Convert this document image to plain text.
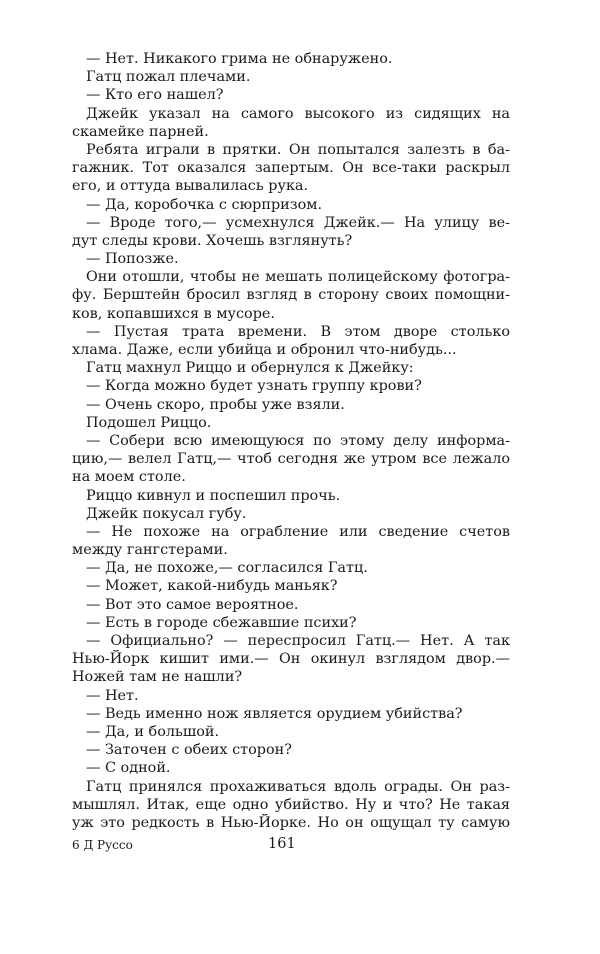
— Нет. Никакого грима не обнаружено.
Гатц пожал плечами.
— Кто его нашел?
Джейк указал на самого высокого из сидящих на
скамейке парней.
Ребята играли в прятки. Он попытался залезть в ба-
гажник. Тот оказался запертым. Он все-таки раскрыл
его, и оттуда вывалилась рука.
— Да, коробочка с сюрпризом.
— Вроде того,— усмехнулся Джейк.— На улицу ве-
дут следы крови. Хочешь взглянуть?
— Попозже.
Они отошли, чтобы не мешать полицейскому фотогра-
фу. Берштейн бросил взгляд в сторону своих помощни-
ков, копавшихся в мусоре.
— Пустая трата времени. В этом дворе столько
хлама. Даже, если убийца и обронил что-нибудь...
Гатц махнул Риццо и обернулся к Джейку:
— Когда можно будет узнать группу крови?
— Очень скоро, пробы уже взяли.
Подошел Риццо.
— Собери всю имеющуюся по этому делу информа-
цию,— велел Гатц,— чтоб сегодня же утром все лежало
на моем столе.
Риццо кивнул и поспешил прочь.
Джейк покусал губу.
— Не похоже на ограбление или сведение счетов
между гангстерами.
— Да, не похоже,— согласился Гатц.
— Может, какой-нибудь маньяк?
— Вот это самое вероятное.
— Есть в городе сбежавшие психи?
— Официально? — переспросил Гатц.— Нет. А так
Нью-Йорк кишит ими.— Он окинул взглядом двор.—
Ножей там не нашли?
— Нет.
— Ведь именно нож является орудием убийства?
— Да, и большой.
— Заточен с обеих сторон?
— С одной.
Гатц принялся прохаживаться вдоль ограды. Он раз-
мышлял. Итак, еще одно убийство. Ну и что? Не такая
уж это редкость в Нью-Йорке. Но он ощущал ту самую
6 Д Руссо	161
